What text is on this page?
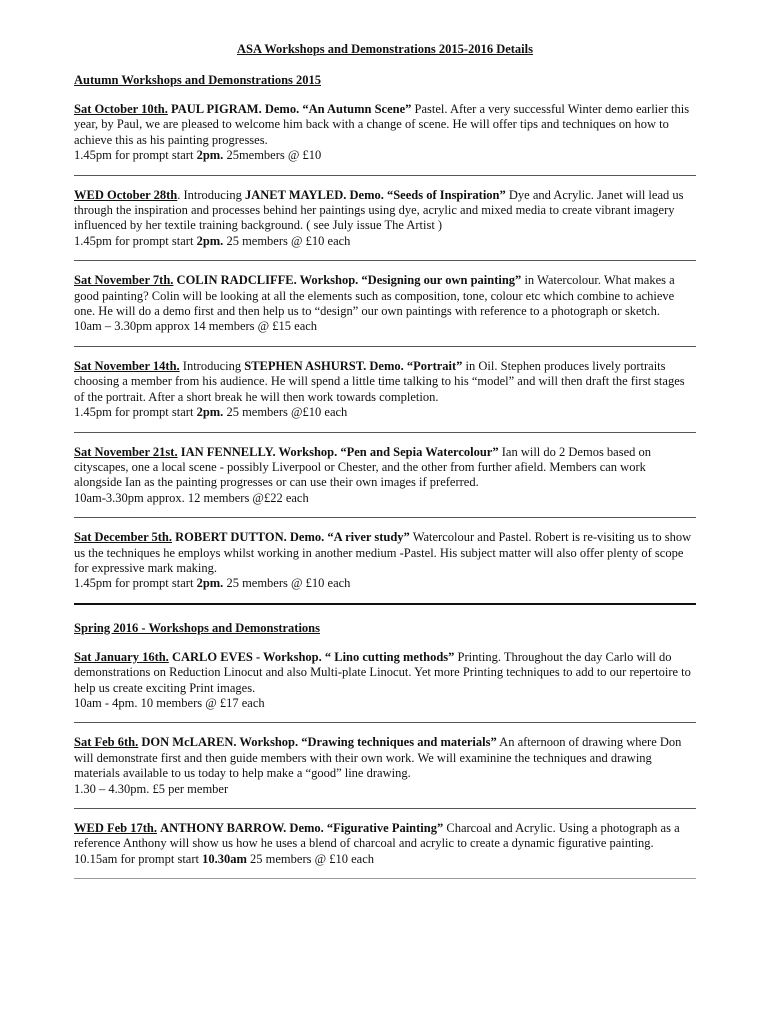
ASA Workshops and Demonstrations 2015-2016 Details
Autumn Workshops and Demonstrations 2015

Sat October 10th. PAUL PIGRAM. Demo. “An Autumn Scene” Pastel. After a very successful Winter demo earlier this year, by Paul, we are pleased to welcome him back with a change of scene. He will offer tips and techniques on how to achieve this as his painting progresses.

1.45pm for prompt start 2pm. 25members @ £10

WED October 28th. Introducing JANET MAYLED. Demo. “Seeds of Inspiration” Dye and Acrylic. Janet will lead us through the inspiration and processes behind her paintings using dye, acrylic and mixed media to create vibrant imagery influenced by her textile training background. ( see July issue The Artist )

1.45pm for prompt start 2pm. 25 members @ £10 each

Sat November 7th. COLIN RADCLIFFE. Workshop. “Designing our own painting” in Watercolour. What makes a good painting? Colin will be looking at all the elements such as composition, tone, colour etc which combine to achieve one. He will do a demo first and then help us to “design” our own paintings with reference to a photograph or sketch.

10am – 3.30pm approx 14 members @ £15 each

Sat November 14th. Introducing STEPHEN ASHURST. Demo. “Portrait” in Oil. Stephen produces lively portraits choosing a member from his audience. He will spend a little time talking to his “model” and will then draft the first stages of the portrait. After a short break he will then work towards completion.

1.45pm for prompt start 2pm. 25 members @£10 each

Sat November 21st. IAN FENNELLY. Workshop. “Pen and Sepia Watercolour” Ian will do 2 Demos based on cityscapes, one a local scene - possibly Liverpool or Chester, and the other from further afield. Members can work alongside Ian as the painting progresses or can use their own images if preferred.

10am-3.30pm approx. 12 members @£22 each

Sat December 5th. ROBERT DUTTON. Demo. “A river study” Watercolour and Pastel. Robert is re-visiting us to show us the techniques he employs whilst working in another medium -Pastel. His subject matter will also offer plenty of scope for expressive mark making.

1.45pm for prompt start 2pm. 25 members @ £10 each

Spring 2016 - Workshops and Demonstrations

Sat January 16th. CARLO EVES - Workshop. “ Lino cutting methods” Printing. Throughout the day Carlo will do demonstrations on Reduction Linocut and also Multi-plate Linocut. Yet more Printing techniques to add to our repertoire to help us create exciting Print images.

10am - 4pm. 10 members @ £17 each

Sat Feb 6th. DON McLAREN. Workshop. “Drawing techniques and materials” An afternoon of drawing where Don will demonstrate first and then guide members with their own work. We will examinine the techniques and drawing materials available to us today to help make a “good” line drawing.

1.30 – 4.30pm. £5 per member

WED Feb 17th. ANTHONY BARROW. Demo. “Figurative Painting” Charcoal and Acrylic. Using a photograph as a reference Anthony will show us how he uses a blend of charcoal and acrylic to create a dynamic figurative painting.

10.15am for prompt start 10.30am 25 members @ £10 each
